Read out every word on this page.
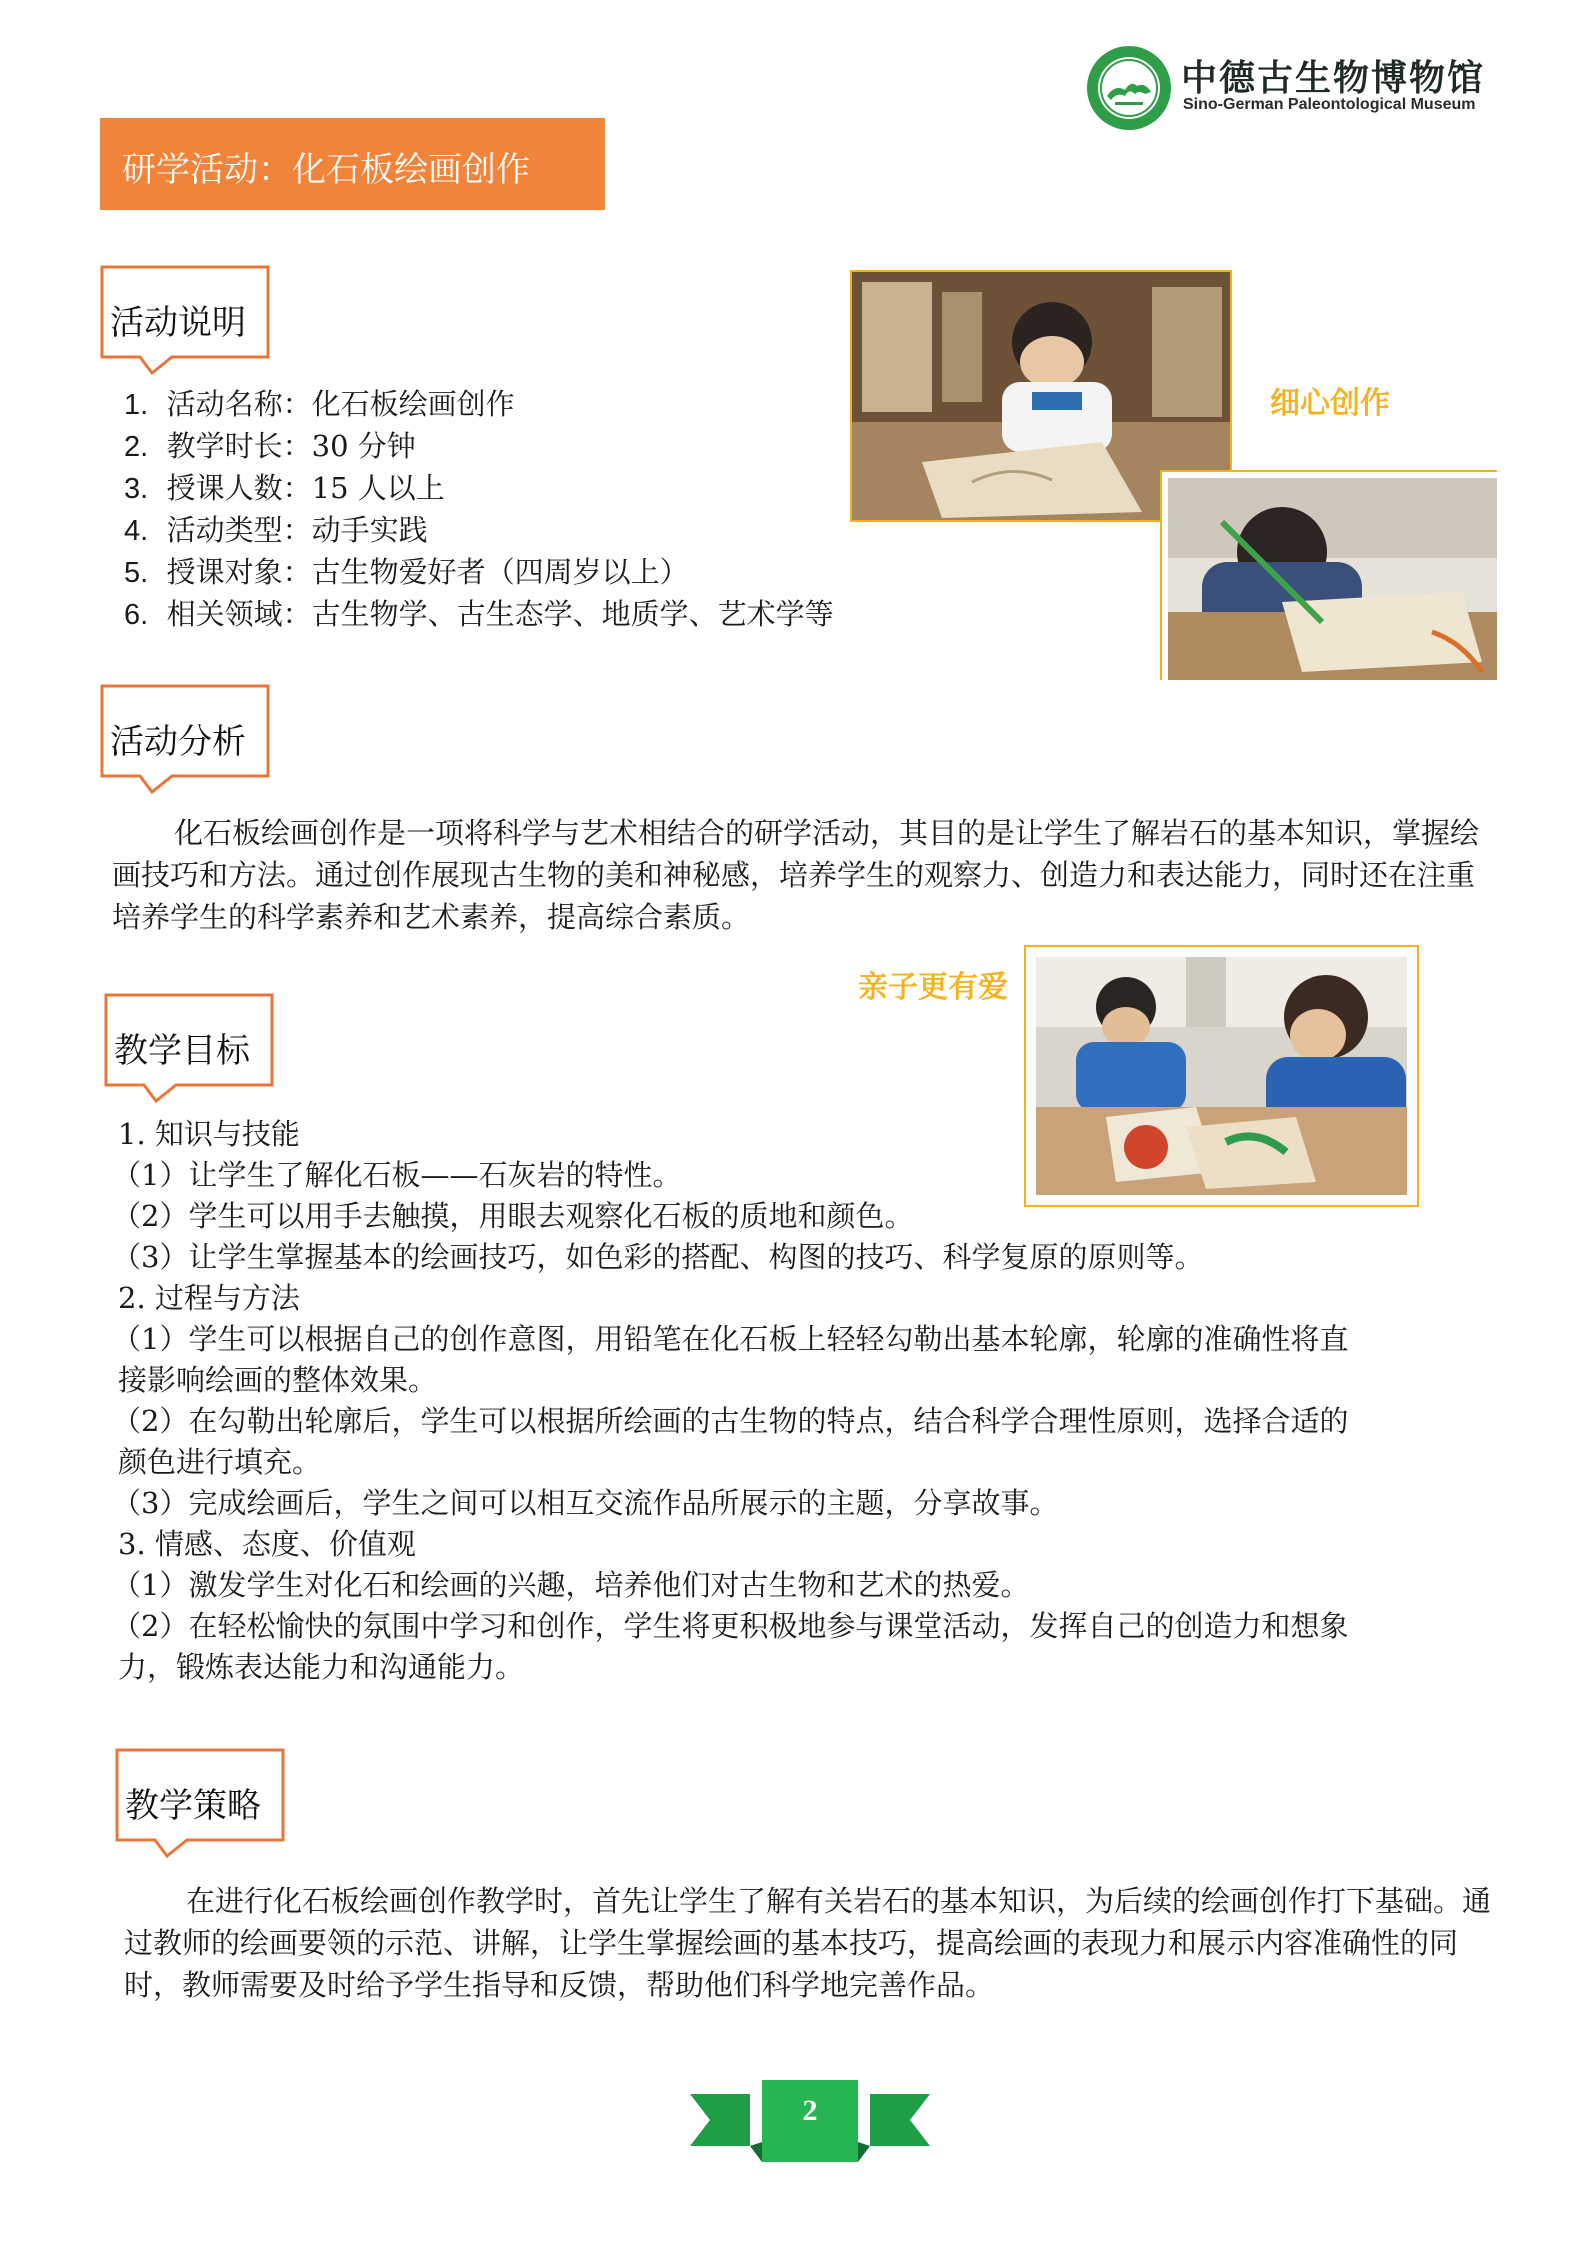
中德古生物博物馆
Sino-German Paleontological Museum
研学活动：化石板绘画创作
活动说明
1. 活动名称：化石板绘画创作
2. 教学时长：30 分钟
3. 授课人数：15 人以上
4. 活动类型：动手实践
5. 授课对象：古生物爱好者（四周岁以上）
6. 相关领域：古生物学、古生态学、地质学、艺术学等
细心创作
活动分析
化石板绘画创作是一项将科学与艺术相结合的研学活动，其目的是让学生了解岩石的基本知识，掌握绘画技巧和方法。通过创作展现古生物的美和神秘感，培养学生的观察力、创造力和表达能力，同时还在注重培养学生的科学素养和艺术素养，提高综合素质。
亲子更有爱
教学目标
1. 知识与技能
（1）让学生了解化石板——石灰岩的特性。
（2）学生可以用手去触摸，用眼去观察化石板的质地和颜色。
（3）让学生掌握基本的绘画技巧，如色彩的搭配、构图的技巧、科学复原的原则等。
2. 过程与方法
（1）学生可以根据自己的创作意图，用铅笔在化石板上轻轻勾勒出基本轮廓，轮廓的准确性将直
接影响绘画的整体效果。
（2）在勾勒出轮廓后，学生可以根据所绘画的古生物的特点，结合科学合理性原则，选择合适的
颜色进行填充。
（3）完成绘画后，学生之间可以相互交流作品所展示的主题，分享故事。
3. 情感、态度、价值观
（1）激发学生对化石和绘画的兴趣，培养他们对古生物和艺术的热爱。
（2）在轻松愉快的氛围中学习和创作，学生将更积极地参与课堂活动，发挥自己的创造力和想象
力，锻炼表达能力和沟通能力。
教学策略
在进行化石板绘画创作教学时，首先让学生了解有关岩石的基本知识，为后续的绘画创作打下基础。通过教师的绘画要领的示范、讲解，让学生掌握绘画的基本技巧，提高绘画的表现力和展示内容准确性的同时，教师需要及时给予学生指导和反馈，帮助他们科学地完善作品。
2
